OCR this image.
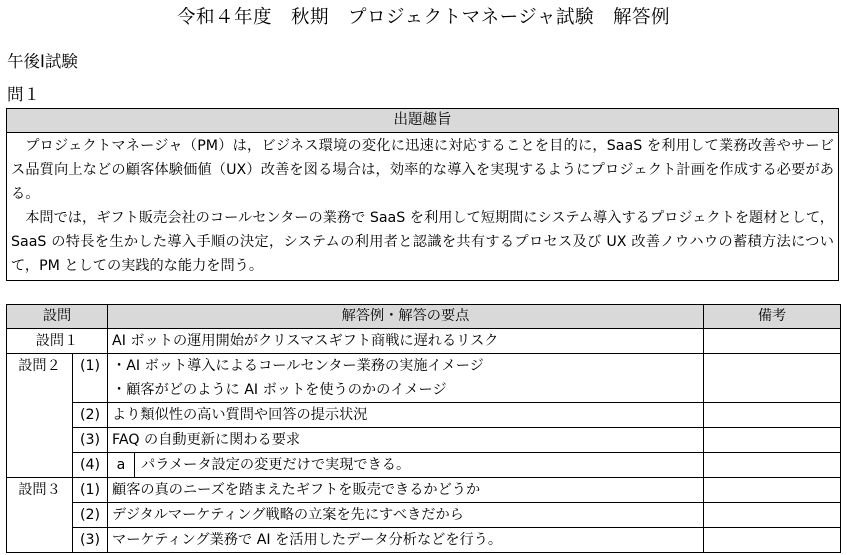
令和４年度　秋期　プロジェクトマネージャ試験　解答例
午後Ⅰ試験
問１
出題趣旨

プロジェクトマネージャ（PM）は，ビジネス環境の変化に迅速に対応することを目的に，SaaS を利用して業務改善やサービス品質向上などの顧客体験価値（UX）改善を図る場合は，効率的な導入を実現するようにプロジェクト計画を作成する必要がある。

本問では，ギフト販売会社のコールセンターの業務で SaaS を利用して短期間にシステム導入するプロジェクトを題材として，SaaS の特長を生かした導入手順の決定，システムの利用者と認識を共有するプロセス及び UX 改善ノウハウの蓄積方法について，PM としての実践的な能力を問う。

設問		解答例・解答の要点	備考
設問１		AI ボットの運用開始がクリスマスギフト商戦に遅れるリスク	
設問２	(1)	・AI ボット導入によるコールセンター業務の実施イメージ
・顧客がどのように AI ボットを使うのかのイメージ	

	(2)	より類似性の高い質問や回答の提示状況	
	(3)	FAQ の自動更新に関わる要求	
	(4)	a パラメータ設定の変更だけで実現できる。	

設問３	(1)	顧客の真のニーズを踏まえたギフトを販売できるかどうか	
	(2)	デジタルマーケティング戦略の立案を先にすべきだから	
	(3)	マーケティング業務で AI を活用したデータ分析などを行う。	
